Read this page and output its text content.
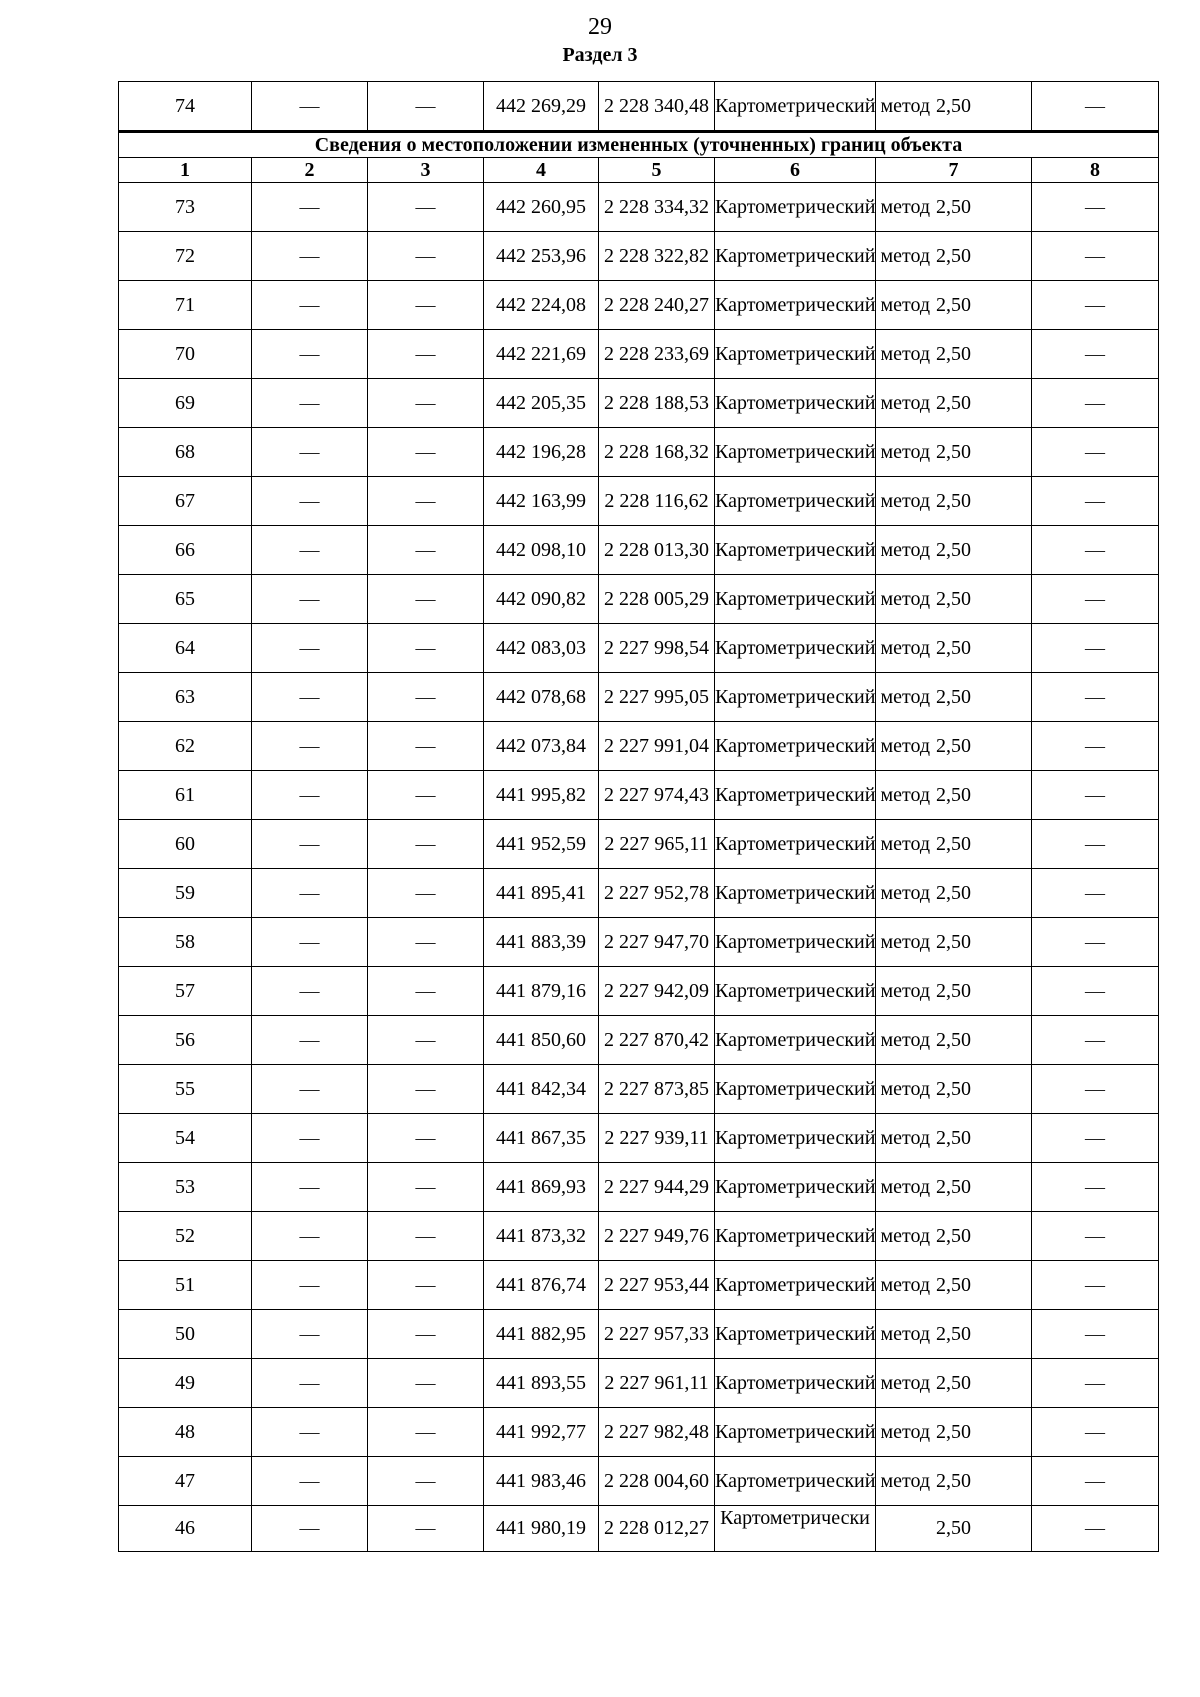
29
Раздел 3
74	—	—	442 269,29	2 228 340,48	Картометрический метод	2,50	—
Сведения о местоположении измененных (уточненных) границ объекта							
1	2	3	4	5	6	7	8
73	—	—	442 260,95	2 228 334,32	Картометрический метод	2,50	—
72	—	—	442 253,96	2 228 322,82	Картометрический метод	2,50	—
71	—	—	442 224,08	2 228 240,27	Картометрический метод	2,50	—
70	—	—	442 221,69	2 228 233,69	Картометрический метод	2,50	—
69	—	—	442 205,35	2 228 188,53	Картометрический метод	2,50	—
68	—	—	442 196,28	2 228 168,32	Картометрический метод	2,50	—
67	—	—	442 163,99	2 228 116,62	Картометрический метод	2,50	—
66	—	—	442 098,10	2 228 013,30	Картометрический метод	2,50	—
65	—	—	442 090,82	2 228 005,29	Картометрический метод	2,50	—
64	—	—	442 083,03	2 227 998,54	Картометрический метод	2,50	—
63	—	—	442 078,68	2 227 995,05	Картометрический метод	2,50	—
62	—	—	442 073,84	2 227 991,04	Картометрический метод	2,50	—
61	—	—	441 995,82	2 227 974,43	Картометрический метод	2,50	—
60	—	—	441 952,59	2 227 965,11	Картометрический метод	2,50	—
59	—	—	441 895,41	2 227 952,78	Картометрический метод	2,50	—
58	—	—	441 883,39	2 227 947,70	Картометрический метод	2,50	—
57	—	—	441 879,16	2 227 942,09	Картометрический метод	2,50	—
56	—	—	441 850,60	2 227 870,42	Картометрический метод	2,50	—
55	—	—	441 842,34	2 227 873,85	Картометрический метод	2,50	—
54	—	—	441 867,35	2 227 939,11	Картометрический метод	2,50	—
53	—	—	441 869,93	2 227 944,29	Картометрический метод	2,50	—
52	—	—	441 873,32	2 227 949,76	Картометрический метод	2,50	—
51	—	—	441 876,74	2 227 953,44	Картометрический метод	2,50	—
50	—	—	441 882,95	2 227 957,33	Картометрический метод	2,50	—
49	—	—	441 893,55	2 227 961,11	Картометрический метод	2,50	—
48	—	—	441 992,77	2 227 982,48	Картометрический метод	2,50	—
47	—	—	441 983,46	2 228 004,60	Картометрический метод	2,50	—
46	—	—	441 980,19	2 228 012,27	Картометрически	2,50	—
